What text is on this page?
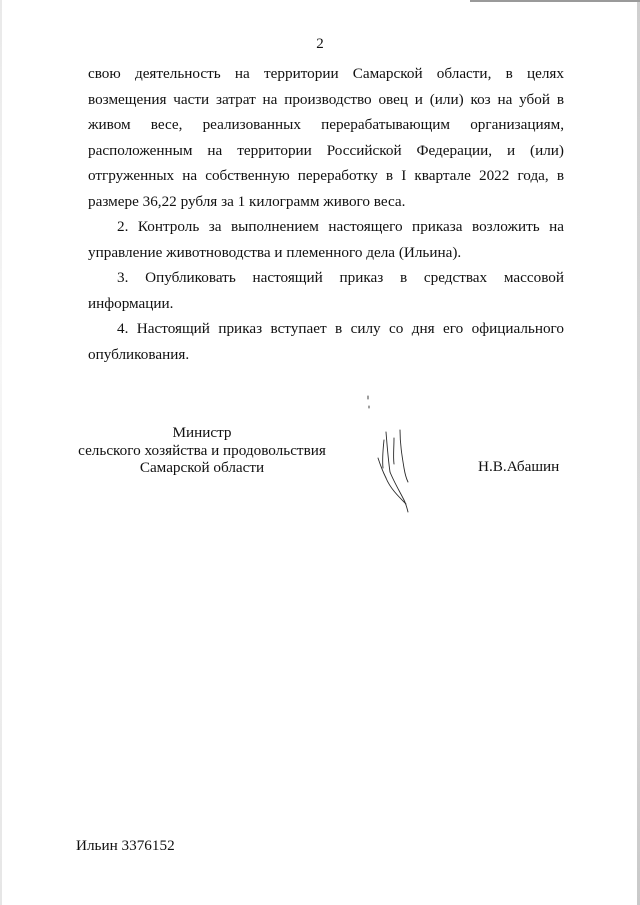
2

свою деятельность на территории Самарской области, в целях возмещения части затрат на производство овец и (или) коз на убой в живом весе, реализованных перерабатывающим организациям, расположенным на территории Российской Федерации, и (или) отгруженных на собственную переработку в I квартале 2022 года, в размере 36,22 рубля за 1 килограмм живого веса.

2. Контроль за выполнением настоящего приказа возложить на управление животноводства и племенного дела (Ильина).

3. Опубликовать настоящий приказ в средствах массовой информации.

4. Настоящий приказ вступает в силу со дня его официального опубликования.

Министр
сельского хозяйства и продовольствия
Самарской области	Н.В.Абашин
Ильин 3376152
